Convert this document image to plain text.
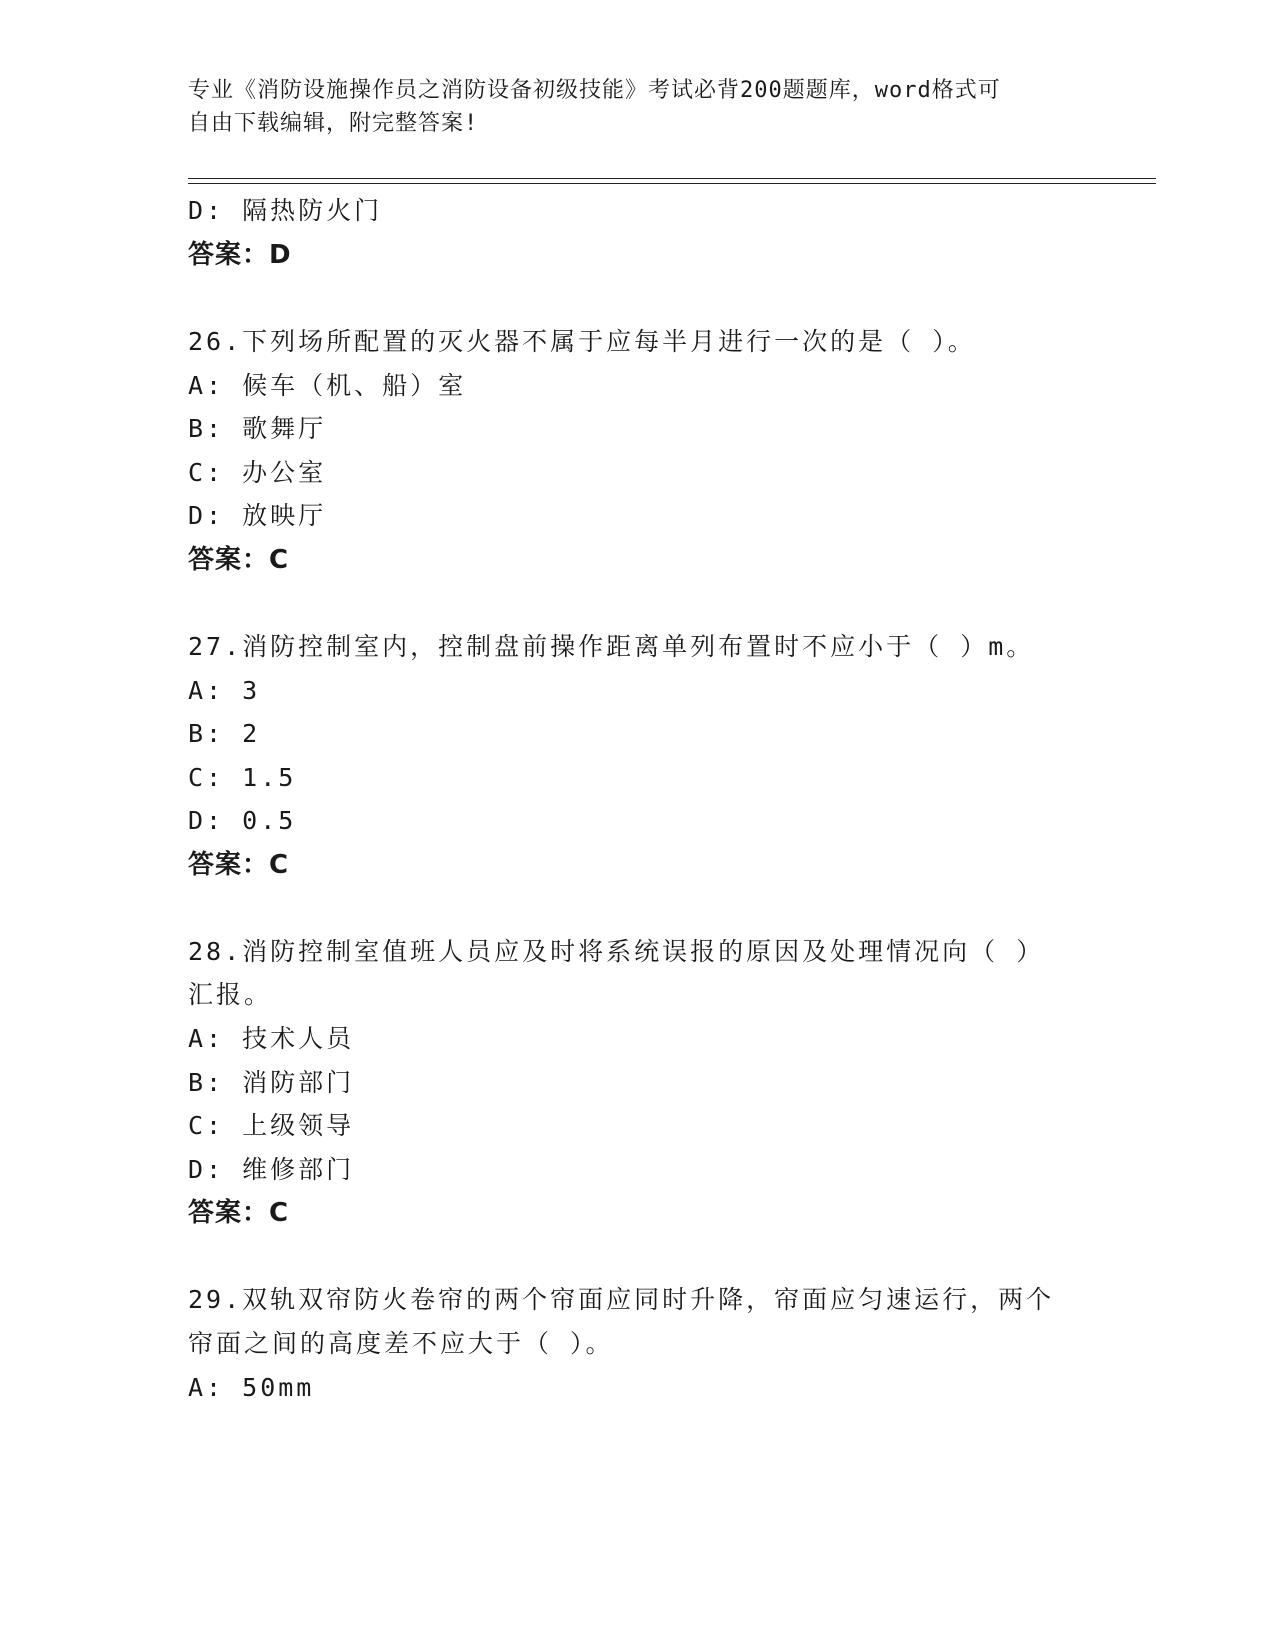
专业《消防设施操作员之消防设备初级技能》考试必背200题题库，word格式可
自由下载编辑，附完整答案!
D: 隔热防火门
答案：D
26.下列场所配置的灭火器不属于应每半月进行一次的是（ ）。
A: 候车（机、船）室
B: 歌舞厅
C: 办公室
D: 放映厅
答案：C
27.消防控制室内，控制盘前操作距离单列布置时不应小于（ ）m。
A: 3
B: 2
C: 1.5
D: 0.5
答案：C
28.消防控制室值班人员应及时将系统误报的原因及处理情况向（ ）
汇报。
A: 技术人员
B: 消防部门
C: 上级领导
D: 维修部门
答案：C
29.双轨双帘防火卷帘的两个帘面应同时升降，帘面应匀速运行，两个
帘面之间的高度差不应大于（ ）。
A: 50mm
